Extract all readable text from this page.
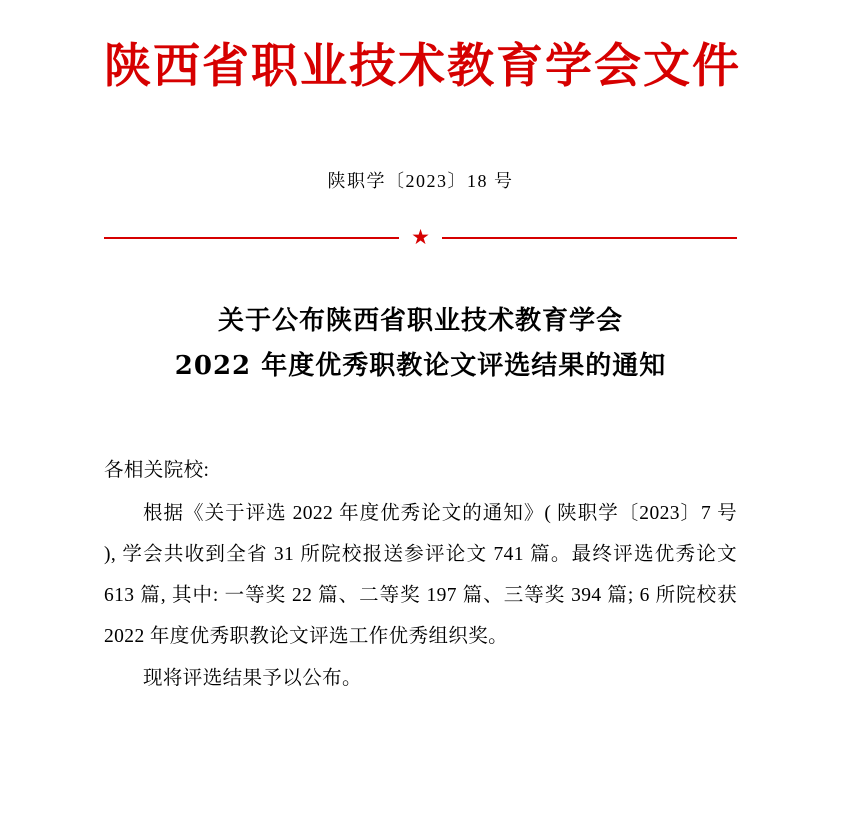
陕西省职业技术教育学会文件
陕职学〔2023〕18 号
★
关于公布陕西省职业技术教育学会
2022 年度优秀职教论文评选结果的通知

各相关院校:

根据《关于评选 2022 年度优秀论文的通知》( 陕职学〔2023〕7 号 ), 学会共收到全省 31 所院校报送参评论文 741 篇。最终评选优秀论文 613 篇, 其中: 一等奖 22 篇、二等奖 197 篇、三等奖 394 篇; 6 所院校获 2022 年度优秀职教论文评选工作优秀组织奖。

现将评选结果予以公布。
